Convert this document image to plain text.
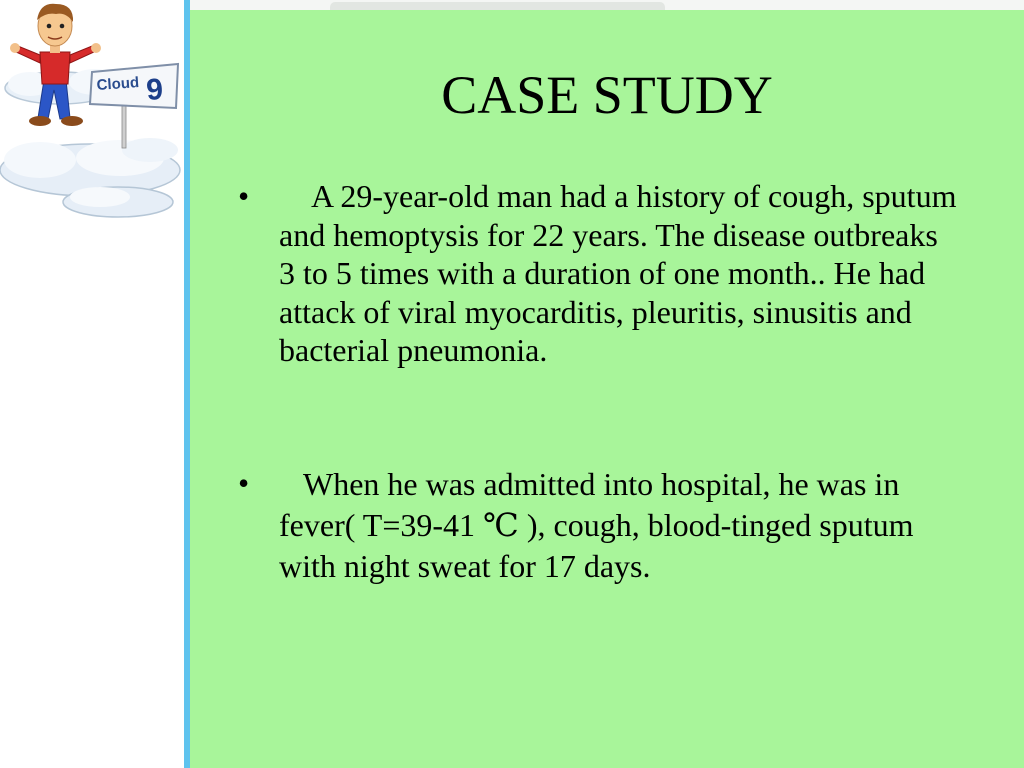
Cloud 9	CASE STUDY
• A 29-year-old man had a history of cough, sputum and hemoptysis for 22 years. The disease outbreaks 3 to 5 times with a duration of one month.. He had attack of viral myocarditis, pleuritis, sinusitis and bacterial pneumonia.
• When he was admitted into hospital, he was in fever( T=39-41 ℃ ), cough, blood-tinged sputum with night sweat for 17 days.
